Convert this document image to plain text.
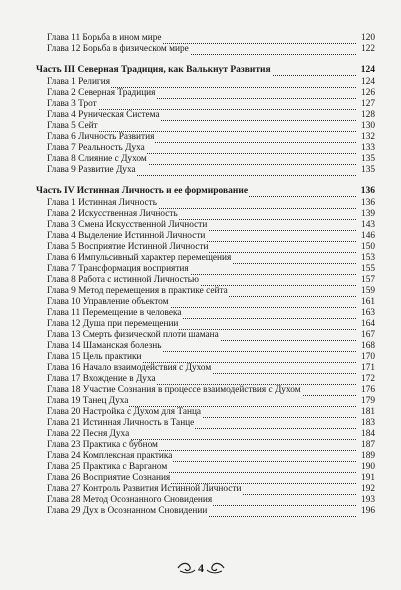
Глава 11 Борьба в ином мире	120
Глава 12 Борьба в физическом мире	122
Часть III Северная Традиция, как Валькнут Развития	124
Глава 1 Религия	124
Глава 2 Северная Традиция	126
Глава 3 Трот	127
Глава 4 Руническая Система	128
Глава 5 Сейт	130
Глава 6 Личность Развития	132
Глава 7 Реальность Духа	133
Глава 8 Слияние с Духом	135
Глава 9 Развитие Духа	135
Часть IV Истинная Личность и ее формирование	136
Глава 1 Истинная Личность	136
Глава 2 Искусственная Личность	139
Глава 3 Смена Искусственной Личности	143
Глава 4 Выделение Истинной Личности	146
Глава 5 Восприятие Истинной Личности	150
Глава 6 Импульсивный характер перемещения	153
Глава 7 Трансформация восприятия	155
Глава 8 Работа с истинной Личностью	157
Глава 9 Метод перемещения в практике сейта	159
Глава 10 Управление объектом	161
Глава 11 Перемещение в человека	163
Глава 12 Душа при перемещении	164
Глава 13 Смерть физической плоти шамана	167
Глава 14 Шаманская болезнь	168
Глава 15 Цель практики	170
Глава 16 Начало взаимодействия с Духом	171
Глава 17 Вхождение в Духа	172
Глава 18 Участие Сознания в процессе взаимодействия с Духом	176
Глава 19 Танец Духа	179
Глава 20 Настройка с Духом для Танца	181
Глава 21 Истинная Личность в Танце	183
Глава 22 Песня Духа	184
Глава 23 Практика с бубном	187
Глава 24 Комплексная практика	189
Глава 25 Практика с Варганом	190
Глава 26 Восприятие Сознания	191
Глава 27 Контроль Развития Истинной Личности	192
Глава 28 Метод Осознанного Сновидения	193
Глава 29 Дух в Осознанном Сновидении	196
4
